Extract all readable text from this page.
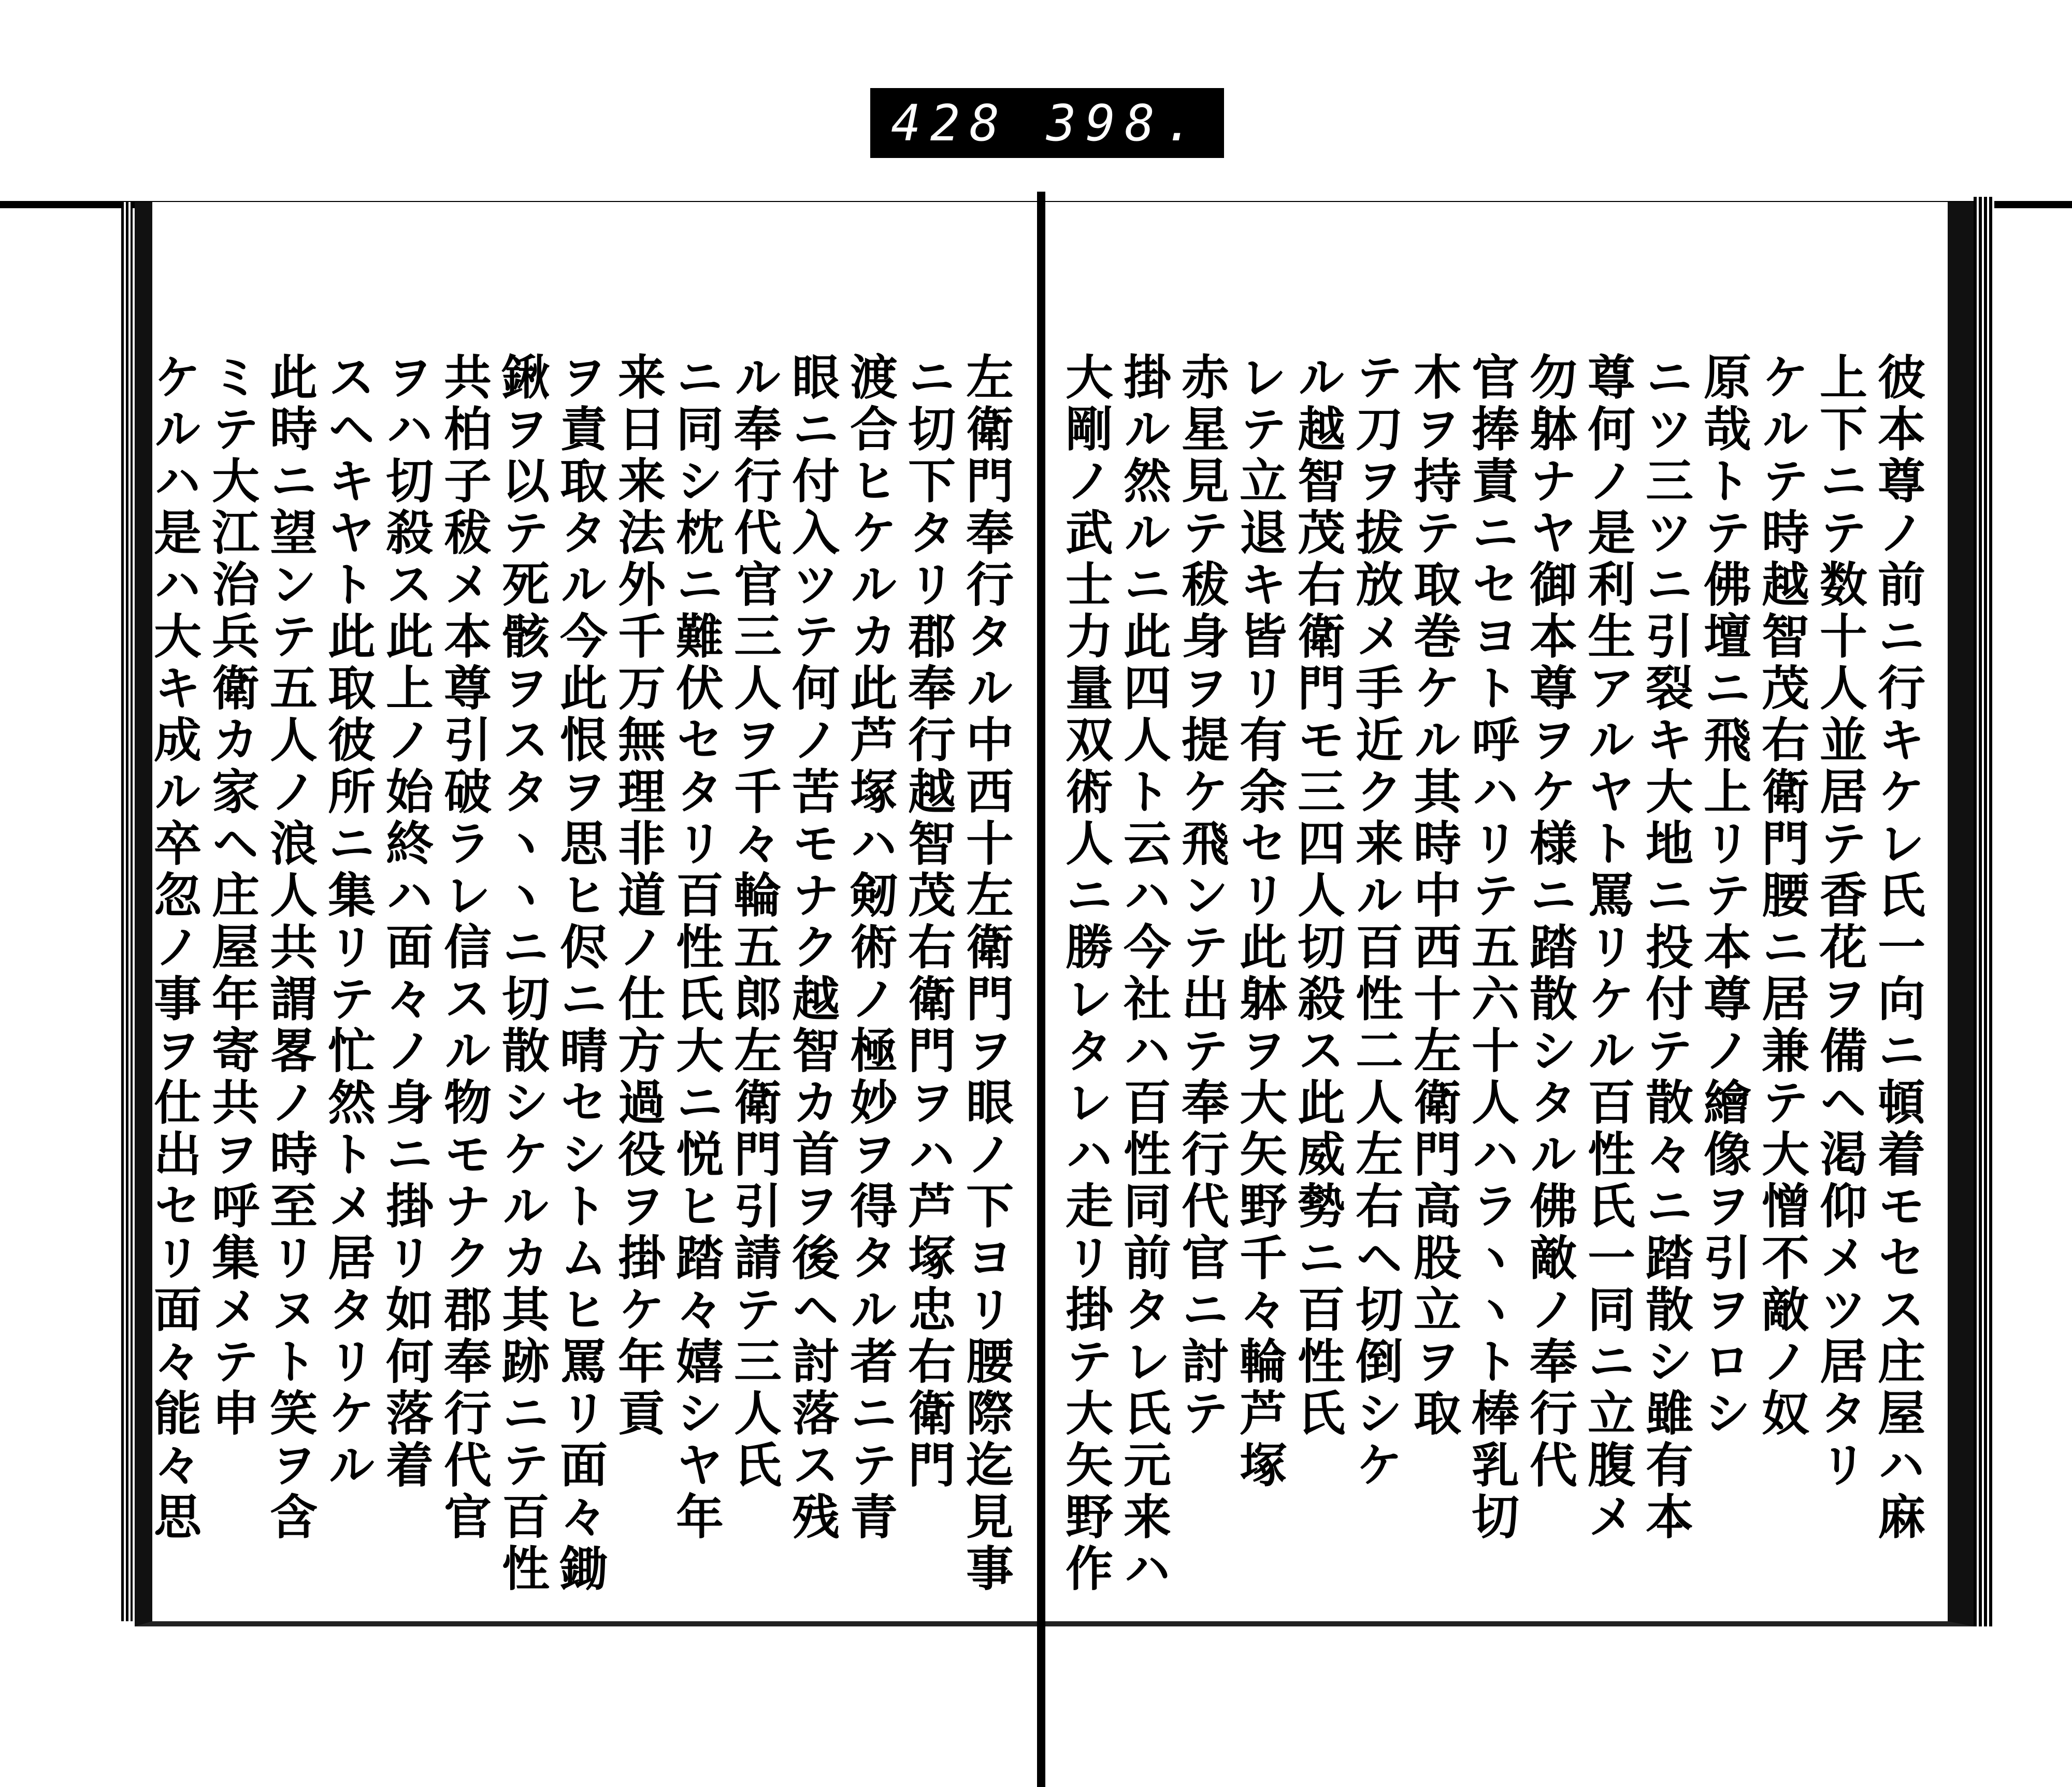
428 398.
彼本尊ノ前ニ行キケレ氏一向ニ頓着モセス庄屋ハ麻
上下ニテ数十人並居テ香花ヲ備ヘ渇仰メツ居タリ
ケルテ時越智茂右衛門腰ニ居兼テ大憎不敵ノ奴
原哉トテ佛壇ニ飛上リテ本尊ノ繪像ヲ引ヲロシ
ニツ三ツニ引裂キ大地ニ投付テ散々ニ踏散シ雖有本
尊何ノ是利生アルヤト罵リケル百性氏一同ニ立腹メ
勿躰ナヤ御本尊ヲケ様ニ踏散シタル佛敵ノ奉行代
官捧責ニセヨト呼ハリテ五六十人ハラヽヽト棒乳切
木ヲ持テ取巻ケル其時中西十左衛門高股立ヲ取
テ刀ヲ拔放メ手近ク来ル百性二人左右ヘ切倒シケ
ル越智茂右衛門モ三四人切殺ス此威勢ニ百性氏
レテ立退キ皆リ有余セリ此躰ヲ大矢野千々輪芦塚
赤星見テ秡身ヲ提ケ飛ンテ出テ奉行代官ニ討テ
掛ル然ルニ此四人ト云ハ今社ハ百性同前タレ氏元来ハ
大剛ノ武士力量双術人ニ勝レタレハ走リ掛テ大矢野作
左衛門奉行タル中西十左衛門ヲ眼ノ下ヨリ腰際迄見事
ニ切下タリ郡奉行越智茂右衛門ヲハ芦塚忠右衛門
渡合ヒケルカ此芦塚ハ剱術ノ極妙ヲ得タル者ニテ青
眼ニ付入ツテ何ノ苦モナク越智カ首ヲ後ヘ討落ス残
ル奉行代官三人ヲ千々輪五郎左衛門引請テ三人氏
ニ同シ枕ニ難伏セタリ百性氏大ニ悦ヒ踏々嬉シヤ年
来日来法外千万無理非道ノ仕方過役ヲ掛ケ年貢
ヲ責取タル今此恨ヲ思ヒ侭ニ晴セシトムヒ罵リ面々鋤
鍬ヲ以テ死骸ヲスタヽヽニ切散シケルカ其跡ニテ百性
共柏子秡メ本尊引破ラレ信スル物モナク郡奉行代官
ヲハ切殺ス此上ノ始終ハ面々ノ身ニ掛リ如何落着
スヘキヤト此取彼所ニ集リテ忙然トメ居タリケル
此時ニ望ンテ五人ノ浪人共謂畧ノ時至リヌト笑ヲ含
ミテ大江治兵衛カ家ヘ庄屋年寄共ヲ呼集メテ申
ケルハ是ハ大キ成ル卒忽ノ事ヲ仕出セリ面々能々思
